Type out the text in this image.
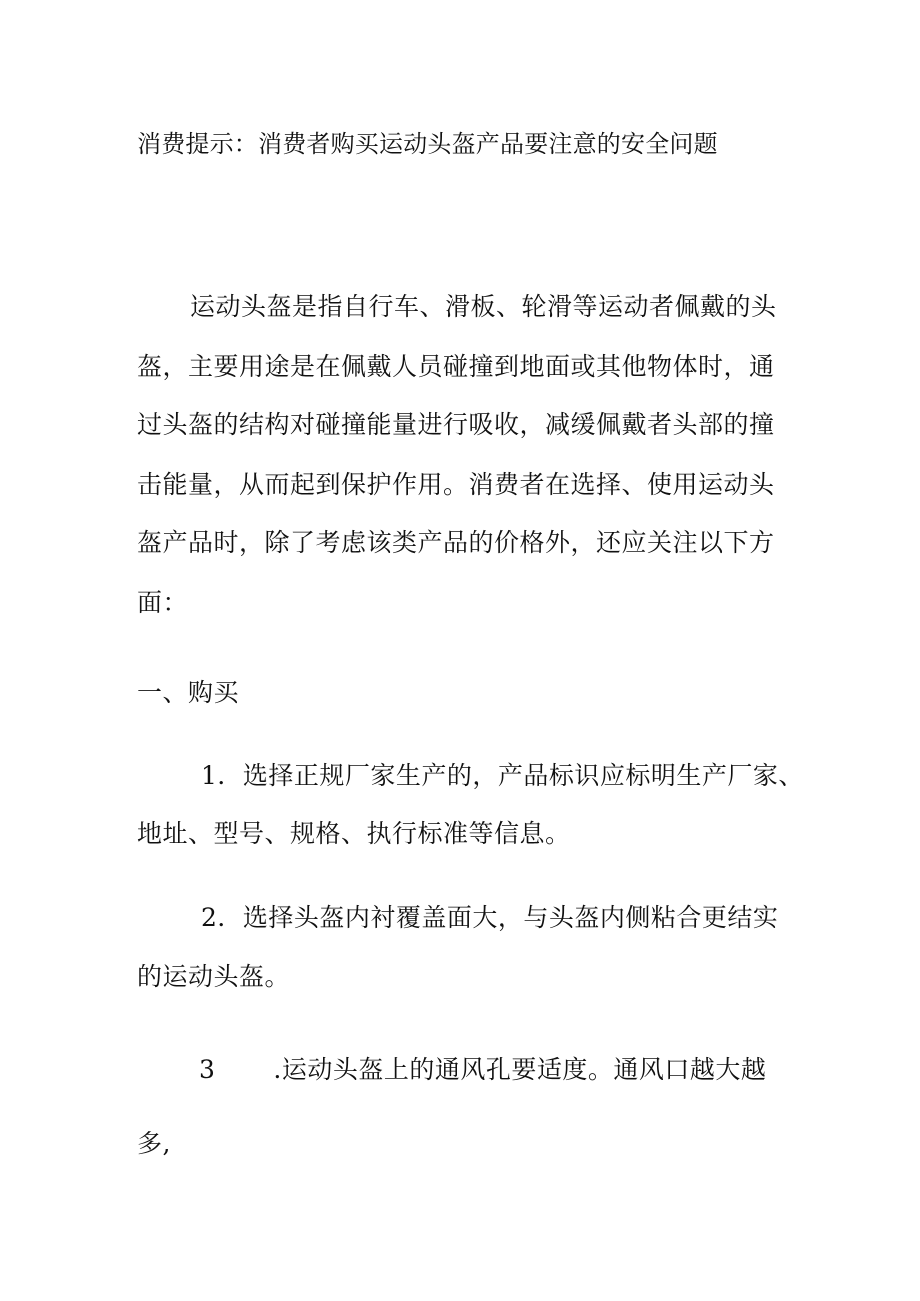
消费提示：消费者购买运动头盔产品要注意的安全问题
运动头盔是指自行车、滑板、轮滑等运动者佩戴的头
盔，主要用途是在佩戴人员碰撞到地面或其他物体时，通
过头盔的结构对碰撞能量进行吸收，减缓佩戴者头部的撞
击能量，从而起到保护作用。消费者在选择、使用运动头
盔产品时，除了考虑该类产品的价格外，还应关注以下方
面：
一、购买
1．选择正规厂家生产的，产品标识应标明生产厂家、
地址、型号、规格、执行标准等信息。
2．选择头盔内衬覆盖面大，与头盔内侧粘合更结实
的运动头盔。
3 .运动头盔上的通风孔要适度。通风口越大越
多,
